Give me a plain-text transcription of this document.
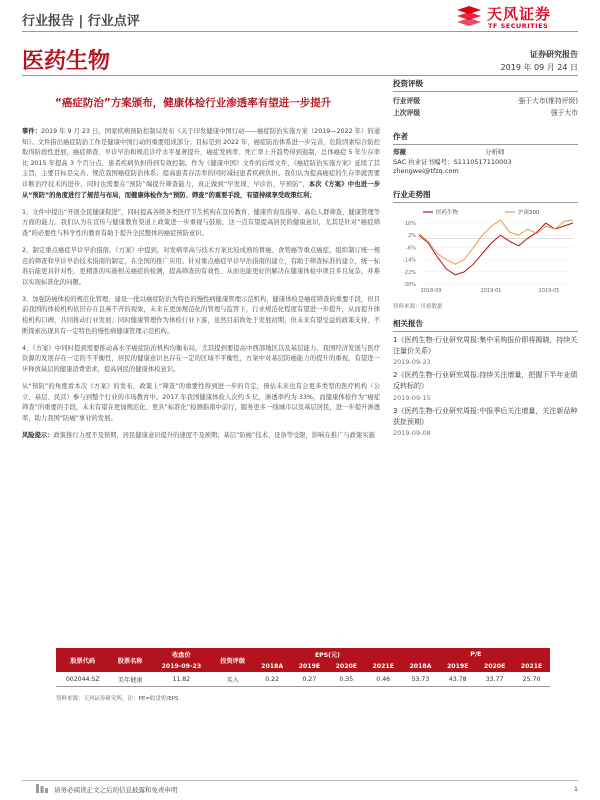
行业报告 | 行业点评	天风证券
TF SECURITIES
医药生物	证券研究报告
2019 年 09 月 24 日
“癌症防治”方案颁布，健康体检行业渗透率有望进一步提升

事件：2019 年 9 月 23 日，国家疾病预防控制局发布《关于印发健康中国行动——癌症防治实施方案（2019—2022 年）的通知》。文件指出癌症防治工作是健康中国行动的重要组成部分；目标是到 2022 年，癌症防治体系进一步完善，危险因素综合防控取得阶段性进展，癌症筛查、早诊早治和规范诊疗水平显著提升，癌症发病率、死亡率上升趋势得到遏制，总体癌症 5 年生存率比 2015 年提高 3 个百分点，患者疾病负担得到有效控制。作为《健康中国》文件的后续文件，《癌症防治实施方案》延续了其主旨，主要目标是完善、规范我国癌症防治体系；提高患者存活率的同时减轻患者疾病负担。我们认为提高癌症的生存率就需要诊断治疗技术的进步，同时也需要在“预防”端提升筛查能力，真正做到“早发现、早诊治、早预防”，本次《方案》中也进一步从“预防”的角度进行了规范与布局，而健康体检作为“预防、筛查”的重要手段，有望持续享受政策红利；

1、文件中提出“开展全民健康促进”，同时提高各级各类医疗卫生机构在宣传教育、健康咨询及指导、高危人群筛查、健康管理等方面的能力。我们认为在宣传与健康教育渠道上政策进一步重视与鼓励，这一点有望提高居民的健康意识，尤其是针对“癌症筛查”的必要性与科学性的教育有助于提升全民整体的癌症预防意识。

2、制定重点癌症早诊早治指南。《方案》中提到，对发病率高与技术方案比较成熟的胃癌、食管癌等重点癌症，组织制订统一规范的筛查和早诊早治技术指南的制定，在全国的推广应用。针对重点癌症早诊早治指南的建立，有助于筛查标准的建立，统一标准后能更具针对性、更精准的实施相关癌症的检测，提高筛查的有效性，从而也能更好的解决在健康体检中项目多且复杂，并难以实现标准化的问题。

3、加强防癌体检的规范化管理，建设一批以癌症防治为特色的慢性病健康管理示范机构，健康体检是癌症筛查的重要手段，但目前我国的体检机构依旧存在良莠不齐的现象，未来在更加规范化的管理与监管下，行业规范化程度有望进一步提升，从而提升体检机构口碑，共同推动行业发展；同时健康管理作为体检行业下游，虽然目前尚处于发展初期，但未来有望受益的政策支持，不断探索出现具有一定特色的慢性病健康管理示范机构。

4、《方案》中同时提到需要推动高水平癌症防治机构均衡布局，尤其提到要提高中西部地区以及基层能力。我国经济发展与医疗资源的发展存在一定的不平衡性，居民的健康意识也存在一定的区域不平衡性，方案中对基层防癌能力的提升的重视，有望进一步释放基层的健康消费需求，提高居民的健康体检意识。

从“预防”的角度看本次《方案》的发布，政策上“筛查”的重要性得到进一步的肯定，预估未来也有会更多类型的医疗机构（公立、基层、民营）参与到整个行业的市场教育中。2017 年我国健康体检人次约 5 亿，渗透率约为 33%，而健康体检作为“癌症筛查”的重要的手段，未来有望在更加规范化、更具“标准化”检测指南中前行，服务更多一线城市以及基层居民，进一步提升渗透率，助力我国“防癌”事业的发展。

风险提示：政策推行力度不及预期，居民健康意识提升的速度不及预期；基层“防癌”技术、设备等受限，影响在推广与政策实施

投资评级
行业评级	强于大市(维持评级)
上次评级	强于大市
作者
郑薇	分析师
SAC 执业证书编号：S1110517110003
zhengwei@tfzq.com
行业走势图
10%
2%
-6%
-14%
-22%
-30%
2018-09	2019-01	2019-05
医药生物	沪深300
资料来源：贝格数据
相关报告
1《医药生物-行业研究周报:集中采购报价即将揭晓，持续关注量价关系》
2019-09-23
2《医药生物-行业研究周报:持续关注增量，把握下半年业绩反转标的》
2019-09-15
3《医药生物-行业研究周报:中报季后关注增量，关注新品种获批预期》
2019-09-08
股票代码	股票名称	收盘价	投资评级	EPS(元)				P/E			
		2019-09-23		2018A	2019E	2020E	2021E	2018A	2019E	2020E	2021E
002044.SZ	美年健康	11.82	买入	0.22	0.27	0.35	0.46	53.73	43.78	33.77	25.70
资料来源：天风证券研究所，注：PE=收盘价/EPS
请务必阅读正文之后的信息披露和免责申明	1
